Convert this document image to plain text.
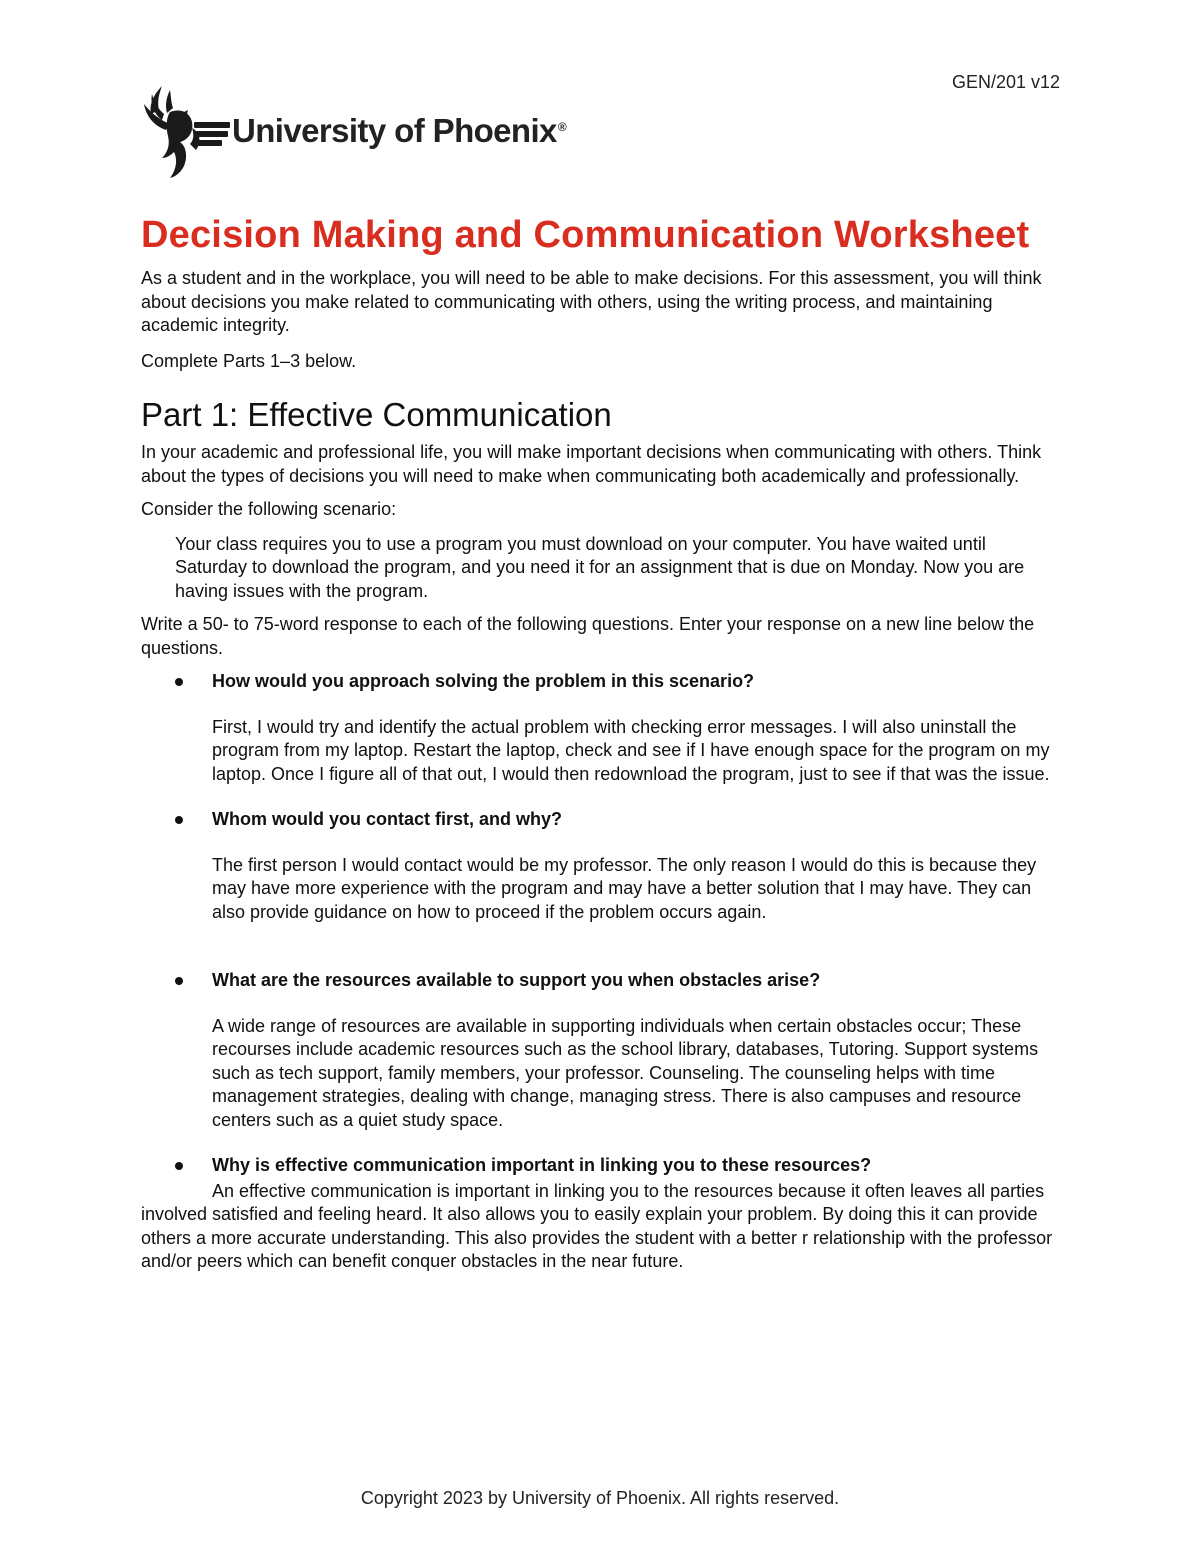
GEN/201 v12
University of Phoenix®
Decision Making and Communication Worksheet

As a student and in the workplace, you will need to be able to make decisions. For this assessment, you will think about decisions you make related to communicating with others, using the writing process, and maintaining academic integrity.

Complete Parts 1–3 below.

Part 1: Effective Communication

In your academic and professional life, you will make important decisions when communicating with others. Think about the types of decisions you will need to make when communicating both academically and professionally.

Consider the following scenario:

Your class requires you to use a program you must download on your computer. You have waited until Saturday to download the program, and you need it for an assignment that is due on Monday. Now you are having issues with the program.

Write a 50- to 75-word response to each of the following questions. Enter your response on a new line below the questions.

How would you approach solving the problem in this scenario?
First, I would try and identify the actual problem with checking error messages. I will also uninstall the program from my laptop. Restart the laptop, check and see if I have enough space for the program on my laptop. Once I figure all of that out, I would then redownload the program, just to see if that was the issue.
Whom would you contact first, and why?
The first person I would contact would be my professor. The only reason I would do this is because they may have more experience with the program and may have a better solution that I may have. They can also provide guidance on how to proceed if the problem occurs again.
What are the resources available to support you when obstacles arise?
A wide range of resources are available in supporting individuals when certain obstacles occur; These recourses include academic resources such as the school library, databases, Tutoring. Support systems such as tech support, family members, your professor. Counseling. The counseling helps with time management strategies, dealing with change, managing stress. There is also campuses and resource centers such as a quiet study space.
Why is effective communication important in linking you to these resources?

An effective communication is important in linking you to the resources because it often leaves all parties involved satisfied and feeling heard. It also allows you to easily explain your problem. By doing this it can provide others a more accurate understanding. This also provides the student with a better r relationship with the professor and/or peers which can benefit conquer obstacles in the near future.

Copyright 2023 by University of Phoenix. All rights reserved.
